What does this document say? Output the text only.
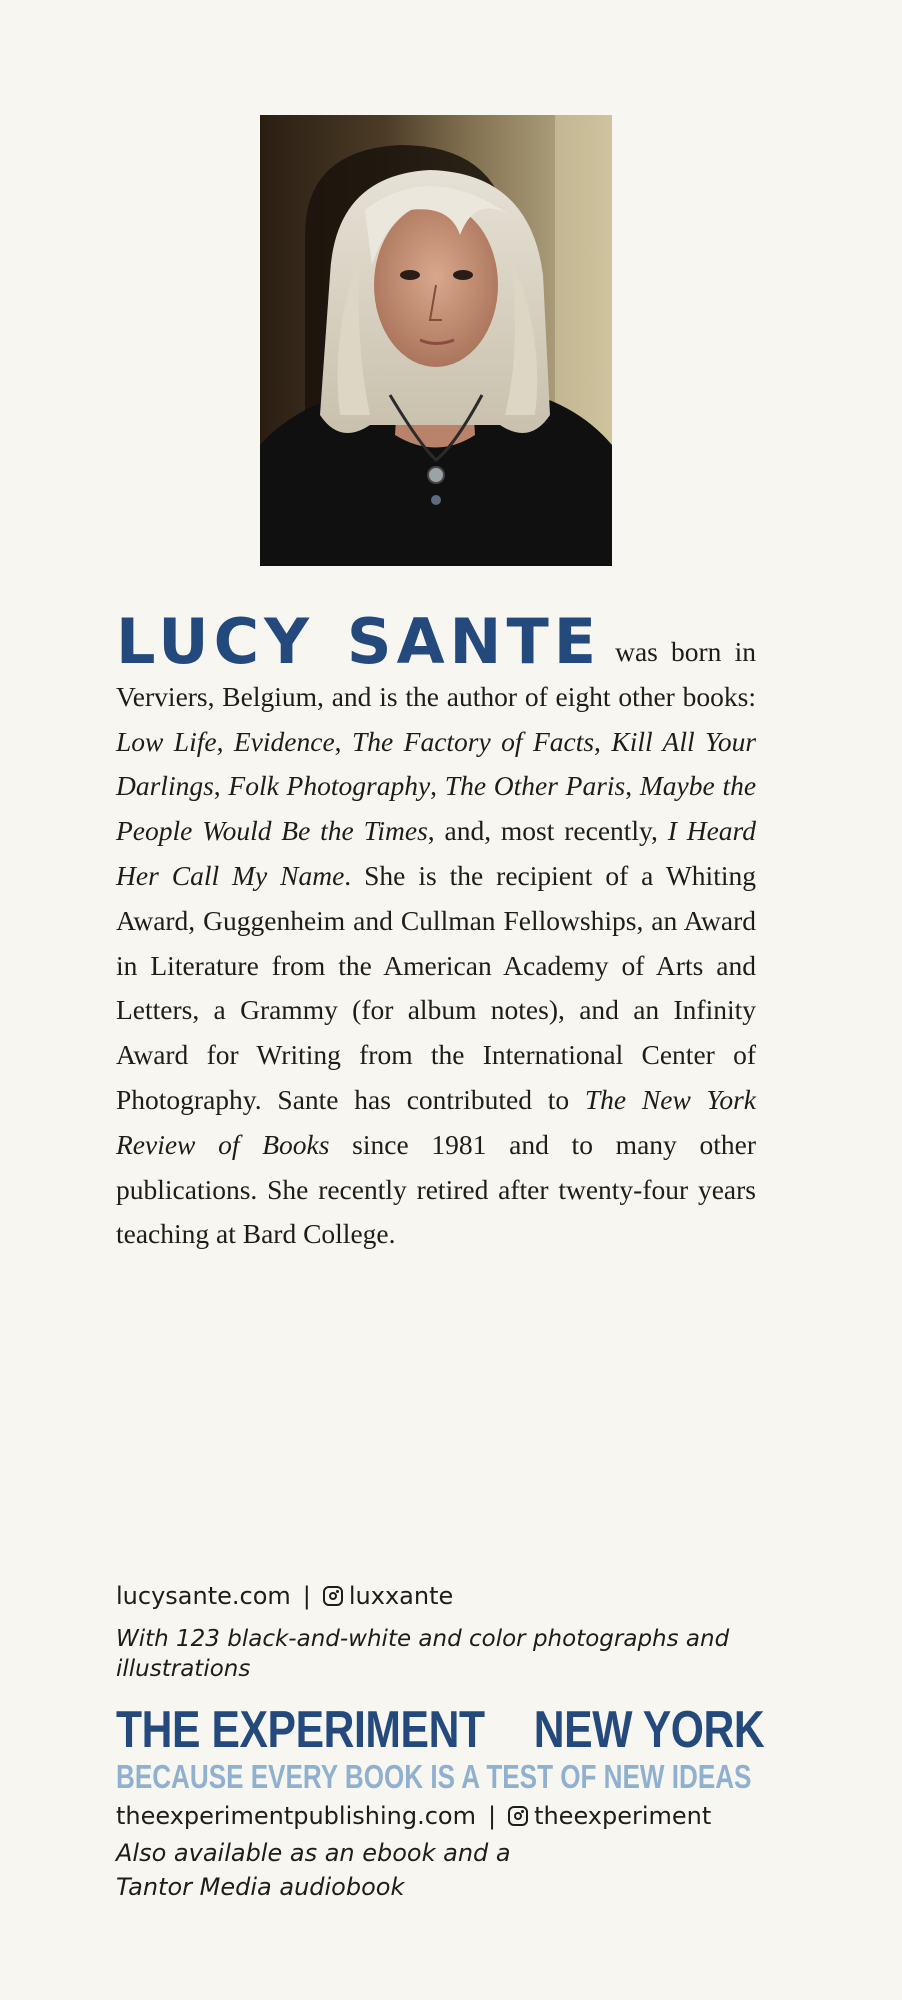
LUCY SANTE was born in Verviers, Belgium, and is the author of eight other books: Low Life, Evidence, The Factory of Facts, Kill All Your Darlings, Folk Photography, The Other Paris, Maybe the People Would Be the Times, and, most recently, I Heard Her Call My Name. She is the recipient of a Whiting Award, Guggenheim and Cullman Fellowships, an Award in Literature from the American Academy of Arts and Letters, a Grammy (for album notes), and an Infinity Award for Writing from the International Center of Photography. Sante has contributed to The New York Review of Books since 1981 and to many other publications. She recently retired after twenty-four years teaching at Bard College.
lucysante.com | luxxante
With 123 black-and-white and color photographs and illustrations
THE EXPERIMENT NEW YORK
BECAUSE EVERY BOOK IS A TEST OF NEW IDEAS
theexperimentpublishing.com | theexperiment
Also available as an ebook and a Tantor Media audiobook
